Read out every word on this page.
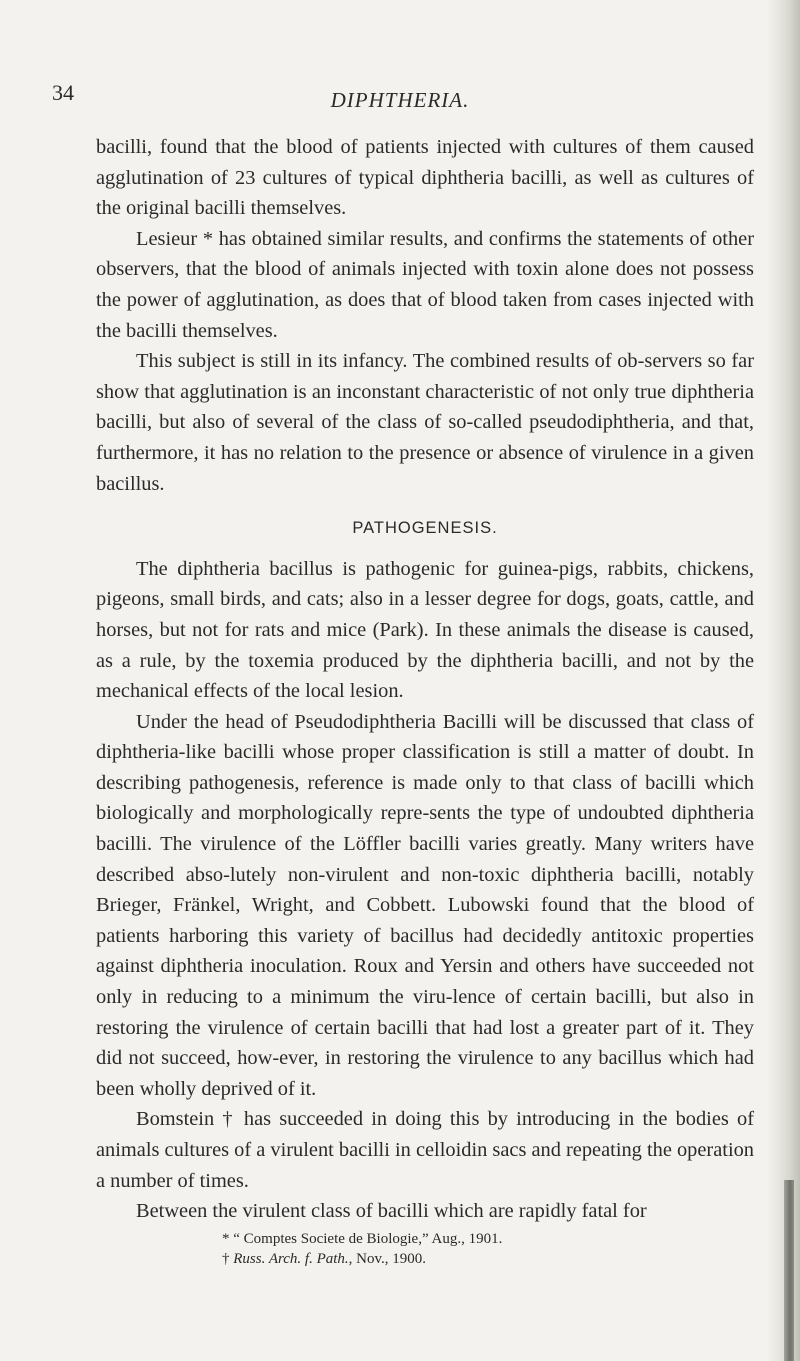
34	DIPHTHERIA.

bacilli, found that the blood of patients injected with cultures of them caused agglutination of 23 cultures of typical diphtheria bacilli, as well as cultures of the original bacilli themselves.

Lesieur * has obtained similar results, and confirms the statements of other observers, that the blood of animals injected with toxin alone does not possess the power of agglutination, as does that of blood taken from cases injected with the bacilli themselves.

This subject is still in its infancy. The combined results of ob-servers so far show that agglutination is an inconstant characteristic of not only true diphtheria bacilli, but also of several of the class of so-called pseudodiphtheria, and that, furthermore, it has no relation to the presence or absence of virulence in a given bacillus.

PATHOGENESIS.

The diphtheria bacillus is pathogenic for guinea-pigs, rabbits, chickens, pigeons, small birds, and cats; also in a lesser degree for dogs, goats, cattle, and horses, but not for rats and mice (Park). In these animals the disease is caused, as a rule, by the toxemia produced by the diphtheria bacilli, and not by the mechanical effects of the local lesion.

Under the head of Pseudodiphtheria Bacilli will be discussed that class of diphtheria-like bacilli whose proper classification is still a matter of doubt. In describing pathogenesis, reference is made only to that class of bacilli which biologically and morphologically repre-sents the type of undoubted diphtheria bacilli. The virulence of the Löffler bacilli varies greatly. Many writers have described abso-lutely non-virulent and non-toxic diphtheria bacilli, notably Brieger, Fränkel, Wright, and Cobbett. Lubowski found that the blood of patients harboring this variety of bacillus had decidedly antitoxic properties against diphtheria inoculation. Roux and Yersin and others have succeeded not only in reducing to a minimum the viru-lence of certain bacilli, but also in restoring the virulence of certain bacilli that had lost a greater part of it. They did not succeed, how-ever, in restoring the virulence to any bacillus which had been wholly deprived of it.

Bomstein † has succeeded in doing this by introducing in the bodies of animals cultures of a virulent bacilli in celloidin sacs and repeating the operation a number of times.

Between the virulent class of bacilli which are rapidly fatal for

* “ Comptes Societe de Biologie,” Aug., 1901.
† Russ. Arch. f. Path., Nov., 1900.
